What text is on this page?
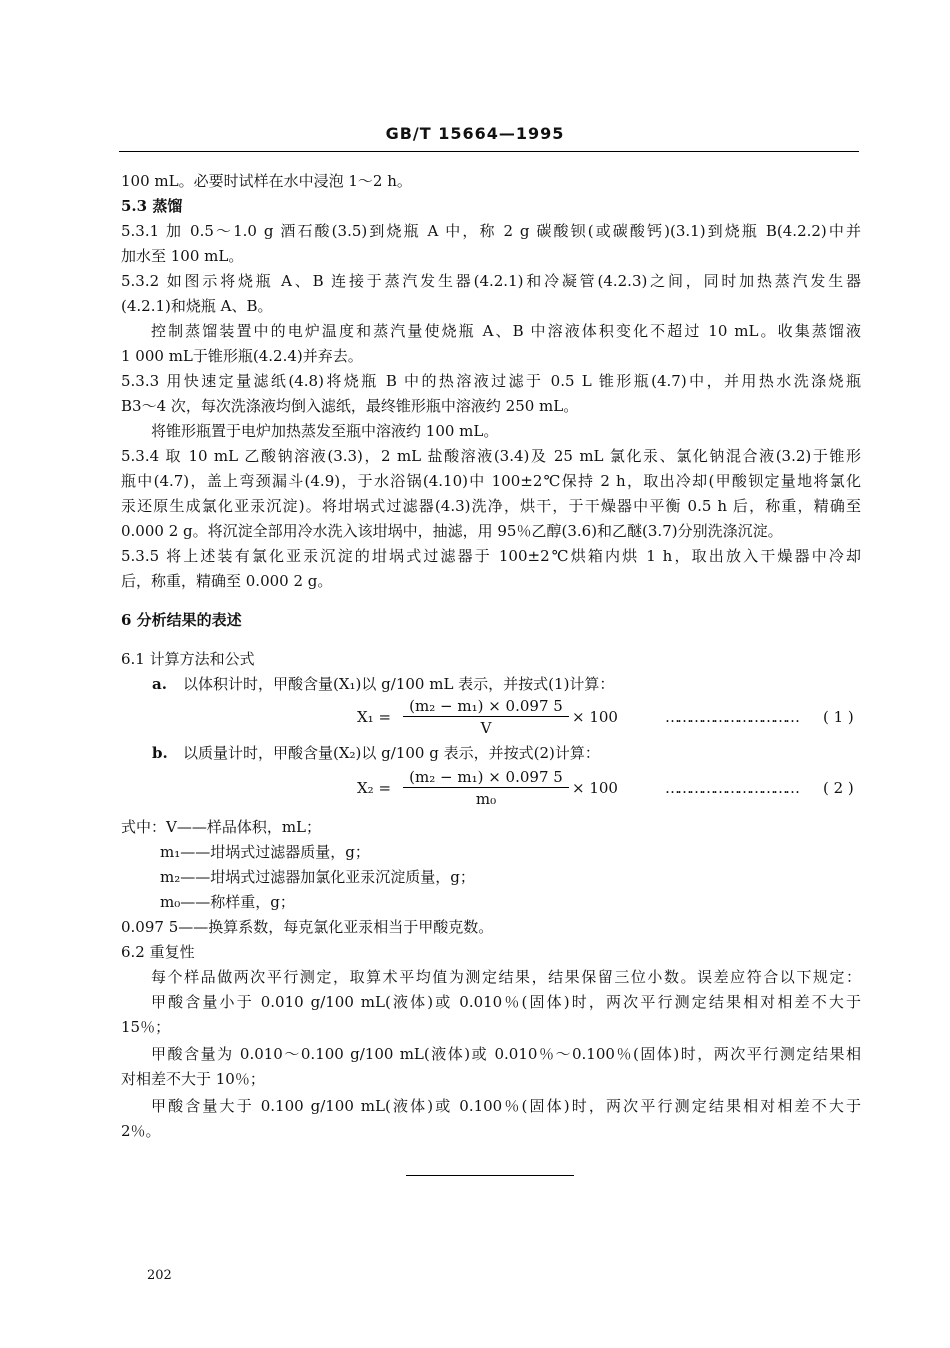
GB/T 15664—1995
100 mL。必要时试样在水中浸泡 1～2 h。
5.3 蒸馏
5.3.1 加 0.5～1.0 g 酒石酸(3.5)到烧瓶 A 中，称 2 g 碳酸钡(或碳酸钙)(3.1)到烧瓶 B(4.2.2)中并
加水至 100 mL。
5.3.2 如图示将烧瓶 A、B 连接于蒸汽发生器(4.2.1)和冷凝管(4.2.3)之间，同时加热蒸汽发生器
(4.2.1)和烧瓶 A、B。
控制蒸馏装置中的电炉温度和蒸汽量使烧瓶 A、B 中溶液体积变化不超过 10 mL。收集蒸馏液
1 000 mL于锥形瓶(4.2.4)并弃去。
5.3.3 用快速定量滤纸(4.8)将烧瓶 B 中的热溶液过滤于 0.5 L 锥形瓶(4.7)中，并用热水洗涤烧瓶
B3～4 次，每次洗涤液均倒入滤纸，最终锥形瓶中溶液约 250 mL。
将锥形瓶置于电炉加热蒸发至瓶中溶液约 100 mL。
5.3.4 取 10 mL 乙酸钠溶液(3.3)，2 mL 盐酸溶液(3.4)及 25 mL 氯化汞、氯化钠混合液(3.2)于锥形
瓶中(4.7)，盖上弯颈漏斗(4.9)，于水浴锅(4.10)中 100±2℃保持 2 h，取出冷却(甲酸钡定量地将氯化
汞还原生成氯化亚汞沉淀)。将坩埚式过滤器(4.3)洗净，烘干，于干燥器中平衡 0.5 h 后，称重，精确至
0.000 2 g。将沉淀全部用冷水洗入该坩埚中，抽滤，用 95％乙醇(3.6)和乙醚(3.7)分别洗涤沉淀。
5.3.5 将上述装有氯化亚汞沉淀的坩埚式过滤器于 100±2℃烘箱内烘 1 h，取出放入干燥器中冷却
后，称重，精确至 0.000 2 g。
6 分析结果的表述
6.1 计算方法和公式
a. 以体积计时，甲酸含量(X₁)以 g/100 mL 表示，并按式(1)计算：
X₁ =
(m₂ − m₁) × 0.097 5
V
× 100	…………………………… ( 1 )
b. 以质量计时，甲酸含量(X₂)以 g/100 g 表示，并按式(2)计算：
X₂ =
(m₂ − m₁) × 0.097 5
m₀
× 100	…………………………… ( 2 )
式中：V——样品体积，mL；
m₁——坩埚式过滤器质量，g；
m₂——坩埚式过滤器加氯化亚汞沉淀质量，g；
m₀——称样重，g；
0.097 5——换算系数，每克氯化亚汞相当于甲酸克数。
6.2 重复性
每个样品做两次平行测定，取算术平均值为测定结果，结果保留三位小数。误差应符合以下规定：
甲酸含量小于 0.010 g/100 mL(液体)或 0.010％(固体)时，两次平行测定结果相对相差不大于
15％；
甲酸含量为 0.010～0.100 g/100 mL(液体)或 0.010％～0.100％(固体)时，两次平行测定结果相
对相差不大于 10％；
甲酸含量大于 0.100 g/100 mL(液体)或 0.100％(固体)时，两次平行测定结果相对相差不大于
2％。
202
